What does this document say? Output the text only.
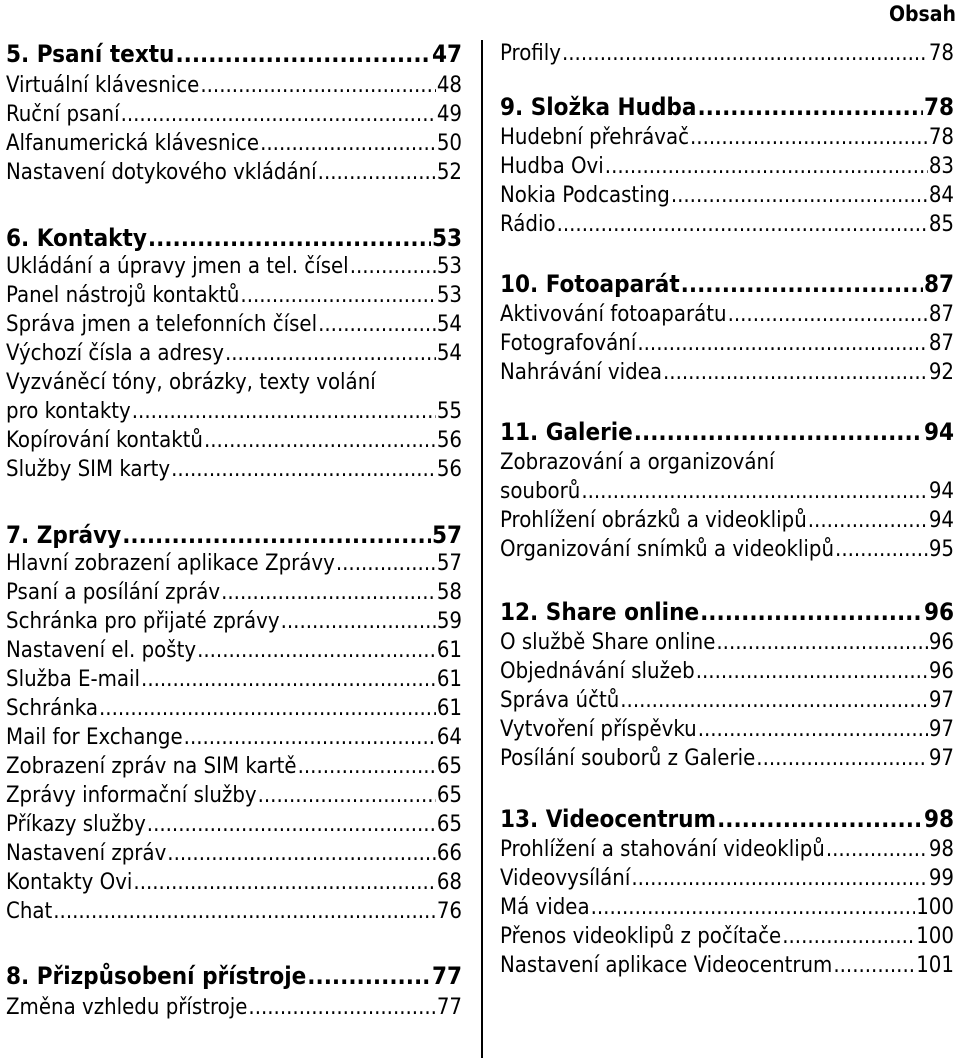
Obsah
5. Psaní textu .....	47
Virtuální klávesnice .....	48
Ruční psaní .....	49
Alfanumerická klávesnice .....	50
Nastavení dotykového vkládání .....	52
6. Kontakty .....	53
Ukládání a úpravy jmen a tel. čísel .....	53
Panel nástrojů kontaktů .....	53
Správa jmen a telefonních čísel .....	54
Výchozí čísla a adresy .....	54
Vyzváněcí tóny, obrázky, texty volání
pro kontakty .....	55
Kopírování kontaktů .....	56
Služby SIM karty .....	56
7. Zprávy .....	57
Hlavní zobrazení aplikace Zprávy .....	57
Psaní a posílání zpráv .....	58
Schránka pro přijaté zprávy .....	59
Nastavení el. pošty .....	61
Služba E-mail .....	61
Schránka .....	61
Mail for Exchange .....	64
Zobrazení zpráv na SIM kartě .....	65
Zprávy informační služby .....	65
Příkazy služby .....	65
Nastavení zpráv .....	66
Kontakty Ovi .....	68
Chat .....	76
8. Přizpůsobení přístroje .....	77
Změna vzhledu přístroje .....	77
Profily .....	78
9. Složka Hudba .....	78
Hudební přehrávač .....	78
Hudba Ovi .....	83
Nokia Podcasting .....	84
Rádio .....	85
10. Fotoaparát .....	87
Aktivování fotoaparátu .....	87
Fotografování .....	87
Nahrávání videa .....	92
11. Galerie .....	94
Zobrazování a organizování
souborů .....	94
Prohlížení obrázků a videoklipů .....	94
Organizování snímků a videoklipů .....	95
12. Share online .....	96
O službě Share online .....	96
Objednávání služeb .....	96
Správa účtů .....	97
Vytvoření příspěvku .....	97
Posílání souborů z Galerie .....	97
13. Videocentrum .....	98
Prohlížení a stahování videoklipů .....	98
Videovysílání .....	99
Má videa .....	100
Přenos videoklipů z počítače .....	100
Nastavení aplikace Videocentrum .....	101
